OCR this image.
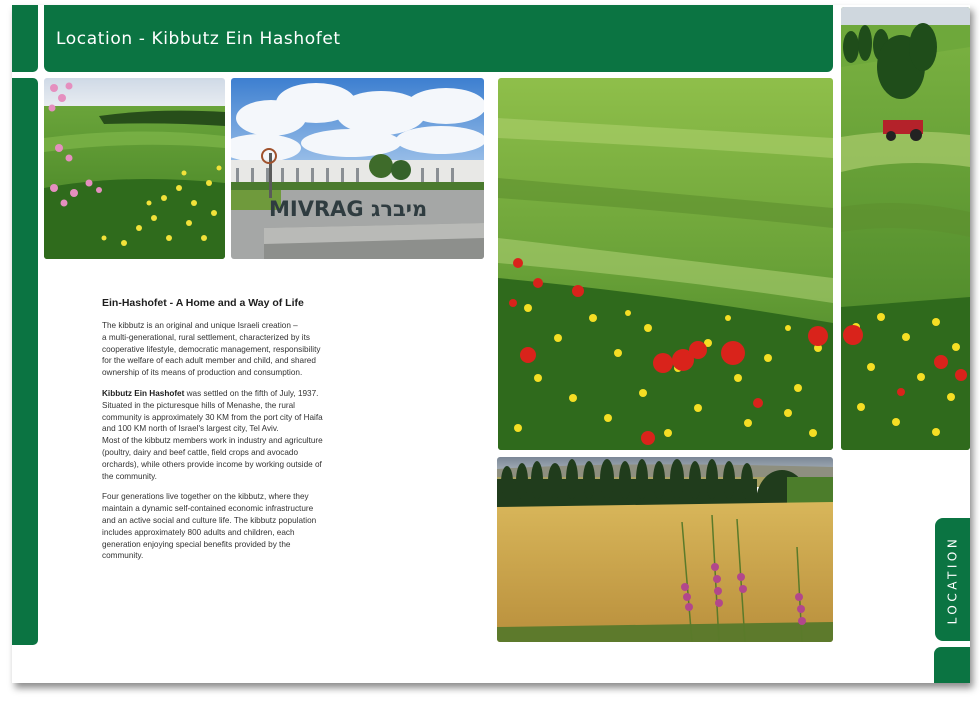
Location - Kibbutz Ein Hashofet
MIVRAG מיברג
Ein-Hashofet - A Home and a Way of Life

The kibbutz is an original and unique Israeli creation –
a multi-generational, rural settlement, characterized by its
cooperative lifestyle, democratic management, responsibility
for the welfare of each adult member and child, and shared
ownership of its means of production and consumption.

Kibbutz Ein Hashofet was settled on the fifth of July, 1937.
Situated in the picturesque hills of Menashe, the rural
community is approximately 30 KM from the port city of Haifa
and 100 KM north of Israel's largest city, Tel Aviv.
Most of the kibbutz members work in industry and agriculture
(poultry, dairy and beef cattle, field crops and avocado
orchards), while others provide income by working outside of
the community.

Four generations live together on the kibbutz, where they
maintain a dynamic self-contained economic infrastructure
and an active social and culture life. The kibbutz population
includes approximately 800 adults and children, each
generation enjoying special benefits provided by the
community.	LOCATION
